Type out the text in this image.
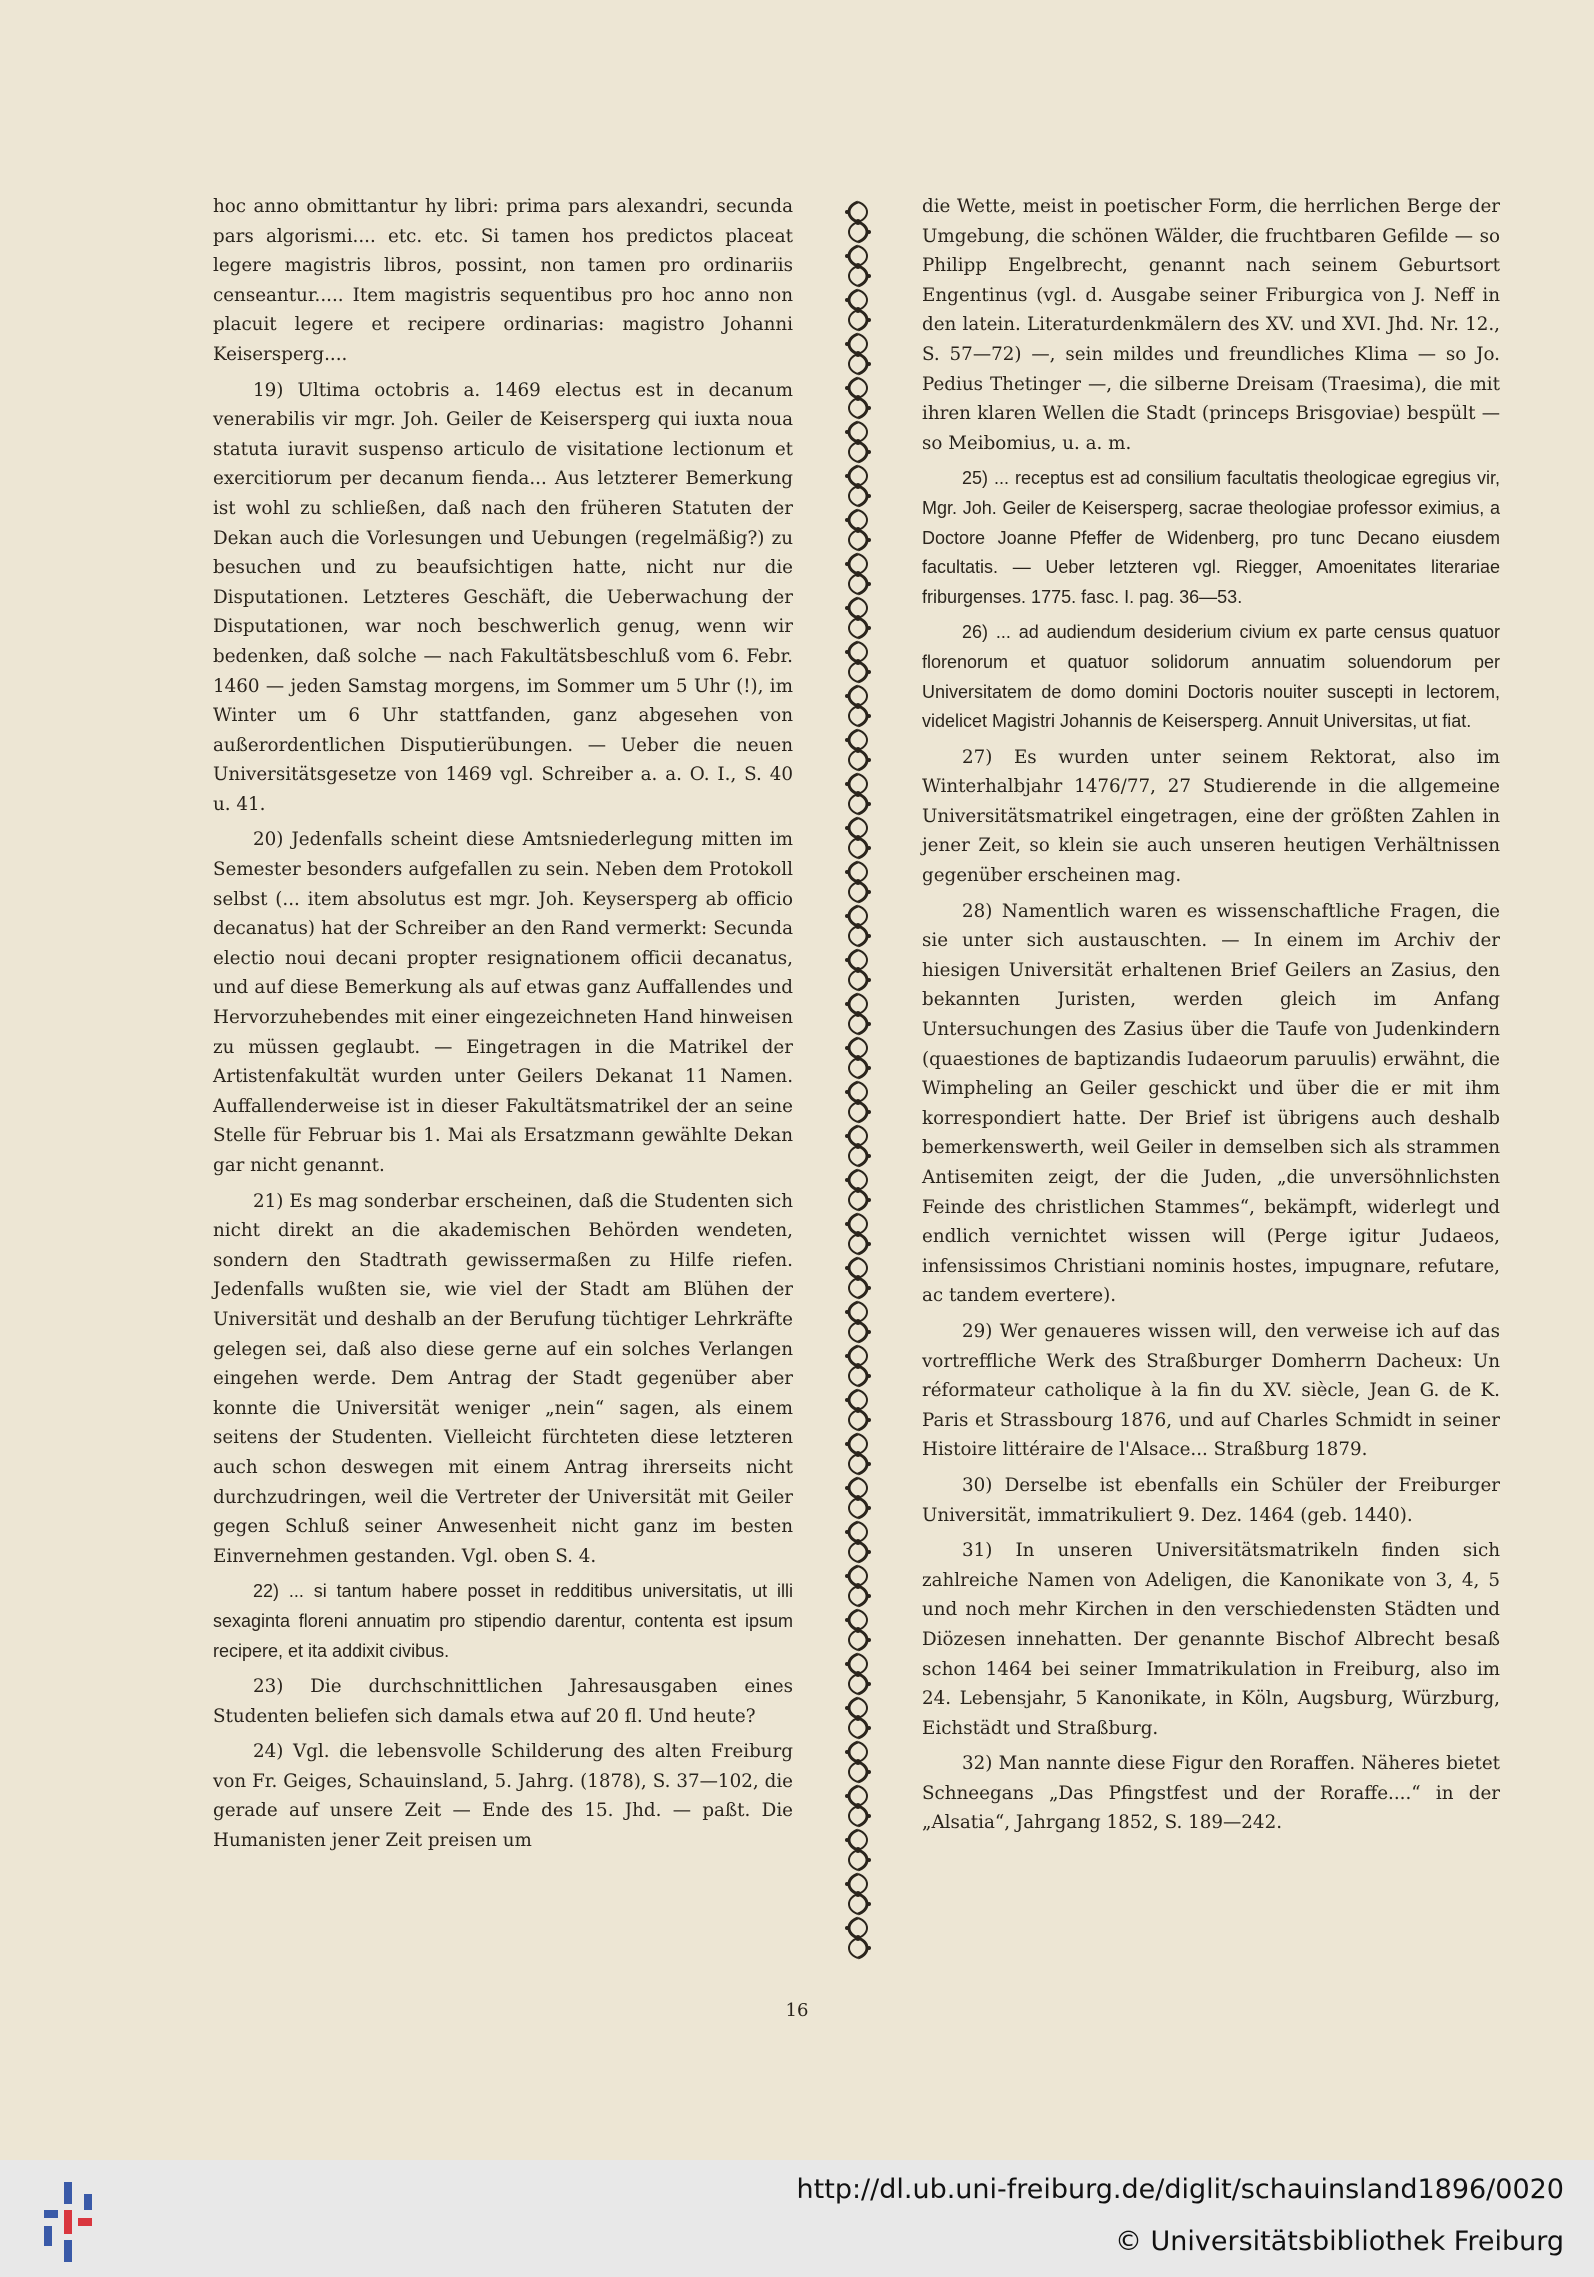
hoc anno obmittantur hy libri: prima pars alexandri, secunda pars algorismi.... etc. etc. Si tamen hos predictos placeat legere magistris libros, possint, non tamen pro ordinariis censeantur..... Item magistris sequentibus pro hoc anno non placuit legere et recipere ordinarias: magistro Johanni Keisersperg....

19) Ultima octobris a. 1469 electus est in decanum venerabilis vir mgr. Joh. Geiler de Keisersperg qui iuxta noua statuta iuravit suspenso articulo de visitatione lectionum et exercitiorum per decanum fienda... Aus letzterer Bemerkung ist wohl zu schließen, daß nach den früheren Statuten der Dekan auch die Vorlesungen und Uebungen (regelmäßig?) zu besuchen und zu beaufsichtigen hatte, nicht nur die Disputationen. Letzteres Geschäft, die Ueberwachung der Disputationen, war noch beschwerlich genug, wenn wir bedenken, daß solche — nach Fakultätsbeschluß vom 6. Febr. 1460 — jeden Samstag morgens, im Sommer um 5 Uhr (!), im Winter um 6 Uhr stattfanden, ganz abgesehen von außerordentlichen Disputierübungen. — Ueber die neuen Universitätsgesetze von 1469 vgl. Schreiber a. a. O. I., S. 40 u. 41.

20) Jedenfalls scheint diese Amtsniederlegung mitten im Semester besonders aufgefallen zu sein. Neben dem Protokoll selbst (... item absolutus est mgr. Joh. Keysersperg ab officio decanatus) hat der Schreiber an den Rand vermerkt: Secunda electio noui decani propter resignationem officii decanatus, und auf diese Bemerkung als auf etwas ganz Auffallendes und Hervorzuhebendes mit einer eingezeichneten Hand hinweisen zu müssen geglaubt. — Eingetragen in die Matrikel der Artistenfakultät wurden unter Geilers Dekanat 11 Namen. Auffallenderweise ist in dieser Fakultätsmatrikel der an seine Stelle für Februar bis 1. Mai als Ersatzmann gewählte Dekan gar nicht genannt.

21) Es mag sonderbar erscheinen, daß die Studenten sich nicht direkt an die akademischen Behörden wendeten, sondern den Stadtrath gewissermaßen zu Hilfe riefen. Jedenfalls wußten sie, wie viel der Stadt am Blühen der Universität und deshalb an der Berufung tüchtiger Lehrkräfte gelegen sei, daß also diese gerne auf ein solches Verlangen eingehen werde. Dem Antrag der Stadt gegenüber aber konnte die Universität weniger „nein“ sagen, als einem seitens der Studenten. Vielleicht fürchteten diese letzteren auch schon deswegen mit einem Antrag ihrerseits nicht durchzudringen, weil die Vertreter der Universität mit Geiler gegen Schluß seiner Anwesenheit nicht ganz im besten Einvernehmen gestanden. Vgl. oben S. 4.

22) ... si tantum habere posset in redditibus universitatis, ut illi sexaginta floreni annuatim pro stipendio darentur, contenta est ipsum recipere, et ita addixit civibus.

23) Die durchschnittlichen Jahresausgaben eines Studenten beliefen sich damals etwa auf 20 fl. Und heute?

24) Vgl. die lebensvolle Schilderung des alten Freiburg von Fr. Geiges, Schauinsland, 5. Jahrg. (1878), S. 37—102, die gerade auf unsere Zeit — Ende des 15. Jhd. — paßt. Die Humanisten jener Zeit preisen um

die Wette, meist in poetischer Form, die herrlichen Berge der Umgebung, die schönen Wälder, die fruchtbaren Gefilde — so Philipp Engelbrecht, genannt nach seinem Geburtsort Engentinus (vgl. d. Ausgabe seiner Friburgica von J. Neff in den latein. Literaturdenkmälern des XV. und XVI. Jhd. Nr. 12., S. 57—72) —, sein mildes und freundliches Klima — so Jo. Pedius Thetinger —, die silberne Dreisam (Traesima), die mit ihren klaren Wellen die Stadt (princeps Brisgoviae) bespült — so Meibomius, u. a. m.

25) ... receptus est ad consilium facultatis theologicae egregius vir, Mgr. Joh. Geiler de Keisersperg, sacrae theologiae professor eximius, a Doctore Joanne Pfeffer de Widenberg, pro tunc Decano eiusdem facultatis. — Ueber letzteren vgl. Riegger, Amoenitates literariae friburgenses. 1775. fasc. I. pag. 36—53.

26) ... ad audiendum desiderium civium ex parte census quatuor florenorum et quatuor solidorum annuatim soluendorum per Universitatem de domo domini Doctoris nouiter suscepti in lectorem, videlicet Magistri Johannis de Keisersperg. Annuit Universitas, ut fiat.

27) Es wurden unter seinem Rektorat, also im Winterhalbjahr 1476/77, 27 Studierende in die allgemeine Universitätsmatrikel eingetragen, eine der größten Zahlen in jener Zeit, so klein sie auch unseren heutigen Verhältnissen gegenüber erscheinen mag.

28) Namentlich waren es wissenschaftliche Fragen, die sie unter sich austauschten. — In einem im Archiv der hiesigen Universität erhaltenen Brief Geilers an Zasius, den bekannten Juristen, werden gleich im Anfang Untersuchungen des Zasius über die Taufe von Judenkindern (quaestiones de baptizandis Iudaeorum paruulis) erwähnt, die Wimpheling an Geiler geschickt und über die er mit ihm korrespondiert hatte. Der Brief ist übrigens auch deshalb bemerkenswerth, weil Geiler in demselben sich als strammen Antisemiten zeigt, der die Juden, „die unversöhnlichsten Feinde des christlichen Stammes“, bekämpft, widerlegt und endlich vernichtet wissen will (Perge igitur Judaeos, infensissimos Christiani nominis hostes, impugnare, refutare, ac tandem evertere).

29) Wer genaueres wissen will, den verweise ich auf das vortreffliche Werk des Straßburger Domherrn Dacheux: Un réformateur catholique à la fin du XV. siècle, Jean G. de K. Paris et Strassbourg 1876, und auf Charles Schmidt in seiner Histoire littéraire de l'Alsace... Straßburg 1879.

30) Derselbe ist ebenfalls ein Schüler der Freiburger Universität, immatrikuliert 9. Dez. 1464 (geb. 1440).

31) In unseren Universitätsmatrikeln finden sich zahlreiche Namen von Adeligen, die Kanonikate von 3, 4, 5 und noch mehr Kirchen in den verschiedensten Städten und Diözesen innehatten. Der genannte Bischof Albrecht besaß schon 1464 bei seiner Immatrikulation in Freiburg, also im 24. Lebensjahr, 5 Kanonikate, in Köln, Augsburg, Würzburg, Eichstädt und Straßburg.

32) Man nannte diese Figur den Roraffen. Näheres bietet Schneegans „Das Pfingstfest und der Roraffe....“ in der „Alsatia“, Jahrgang 1852, S. 189—242.

16
http://dl.ub.uni-freiburg.de/diglit/schauinsland1896/0020
© Universitätsbibliothek Freiburg
